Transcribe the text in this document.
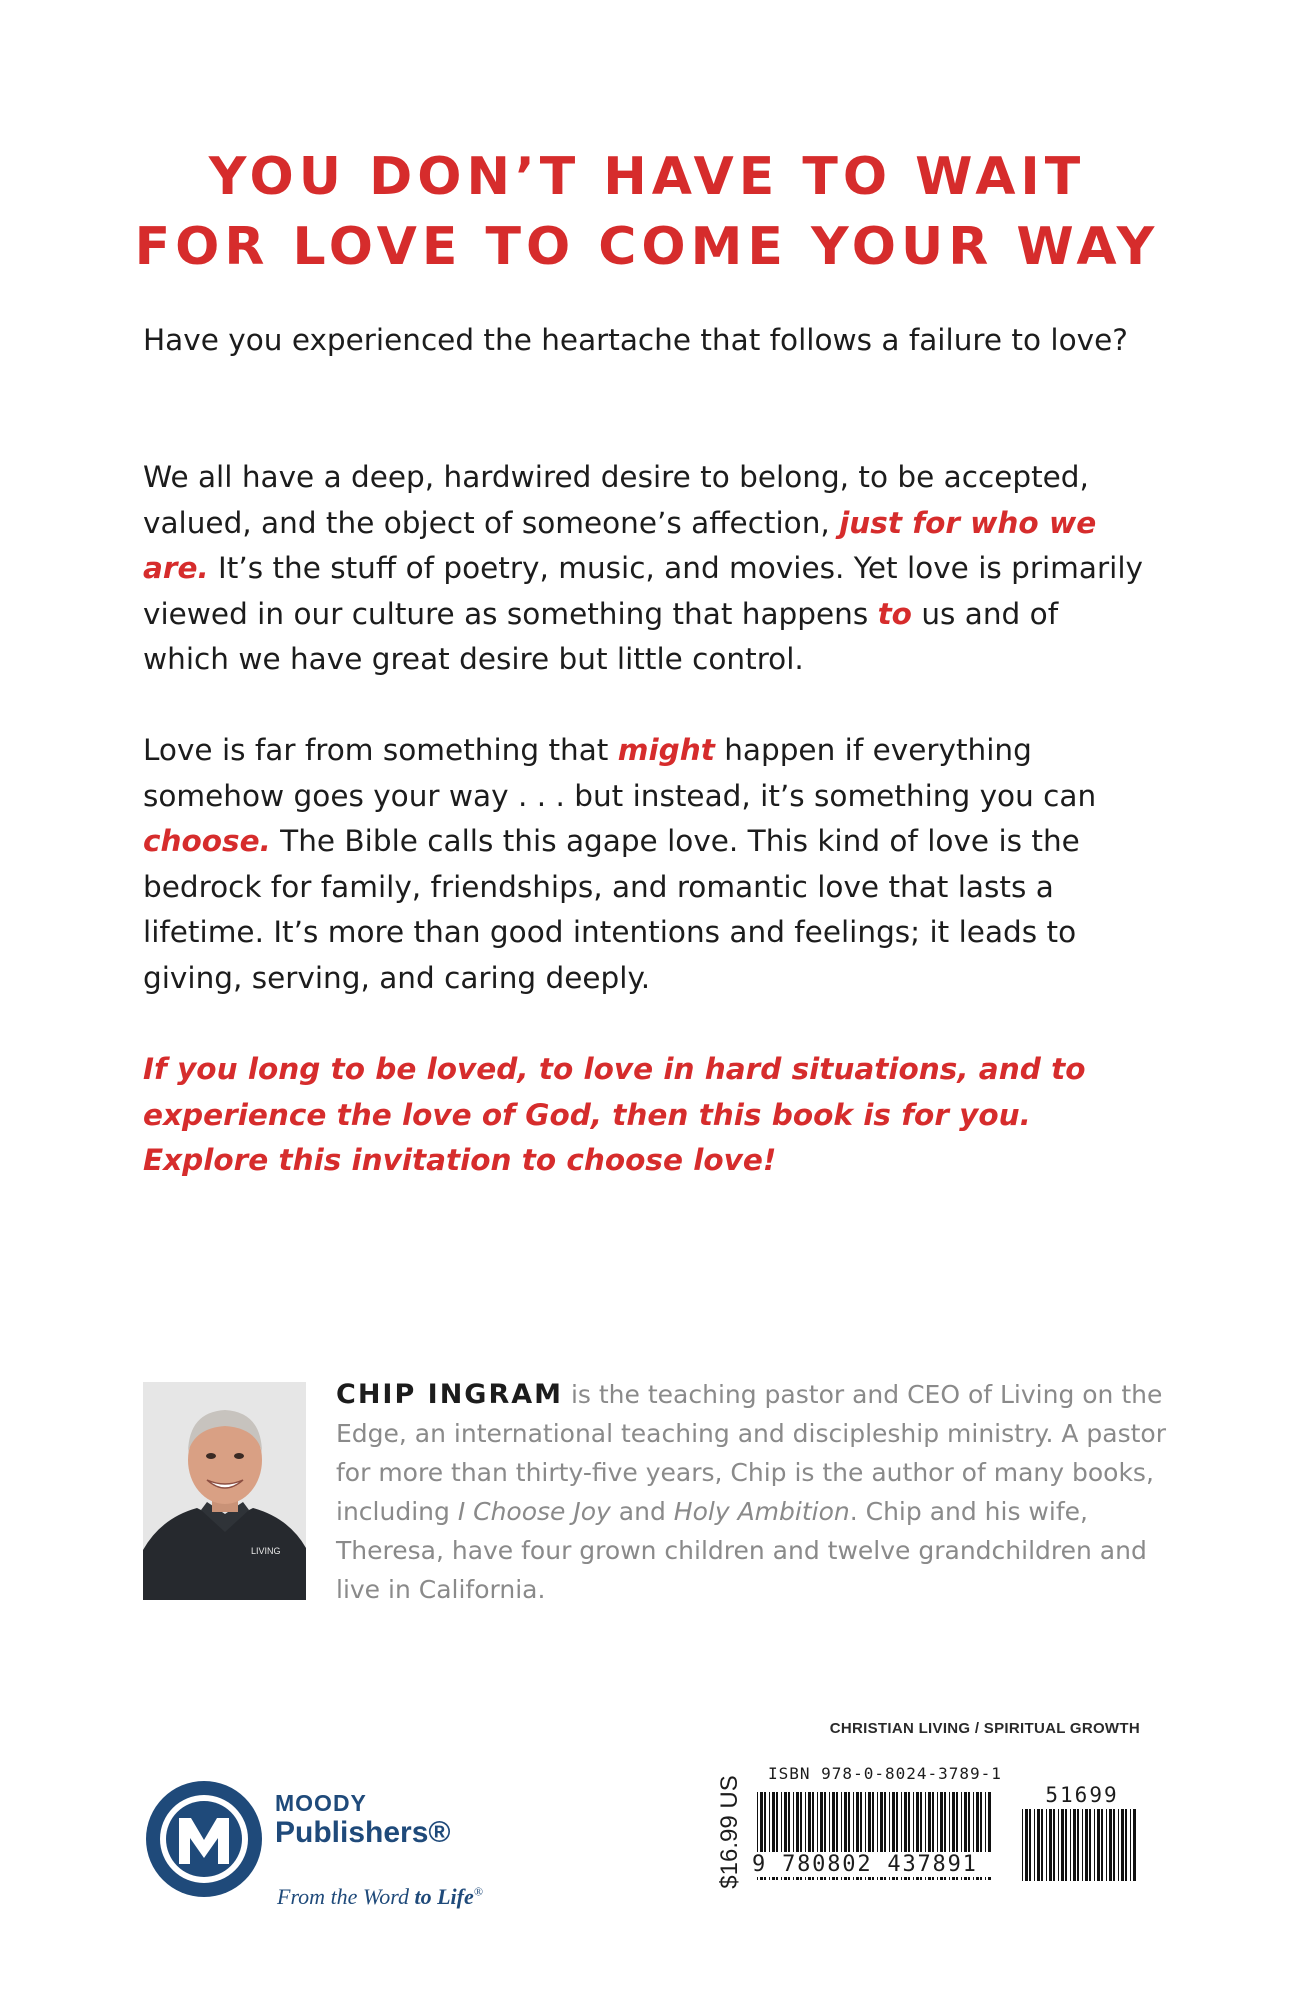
YOU DON’T HAVE TO WAIT
FOR LOVE TO COME YOUR WAY

Have you experienced the heartache that follows a failure to love?

We all have a deep, hardwired desire to belong, to be accepted, valued, and the object of someone’s affection, just for who we are. It’s the stuff of poetry, music, and movies. Yet love is primarily viewed in our culture as something that happens to us and of which we have great desire but little control.

Love is far from something that might happen if everything somehow goes your way . . . but instead, it’s something you can choose. The Bible calls this agape love. This kind of love is the bedrock for family, friendships, and romantic love that lasts a lifetime. It’s more than good intentions and feelings; it leads to giving, serving, and caring deeply.

If you long to be loved, to love in hard situations, and to experience the love of God, then this book is for you. Explore this invitation to choose love!

LIVING
CHIP INGRAM is the teaching pastor and CEO of Living on the Edge, an international teaching and discipleship ministry. A pastor for more than thirty-five years, Chip is the author of many books, including I Choose Joy and Holy Ambition. Chip and his wife, Theresa, have four grown children and twelve grandchildren and live in California.
CHRISTIAN LIVING / SPIRITUAL GROWTH
MOODY
Publishers®
From the Word to Life®
$16.99 US
ISBN 978-0-8024-3789-1
51699
9 780802 437891
